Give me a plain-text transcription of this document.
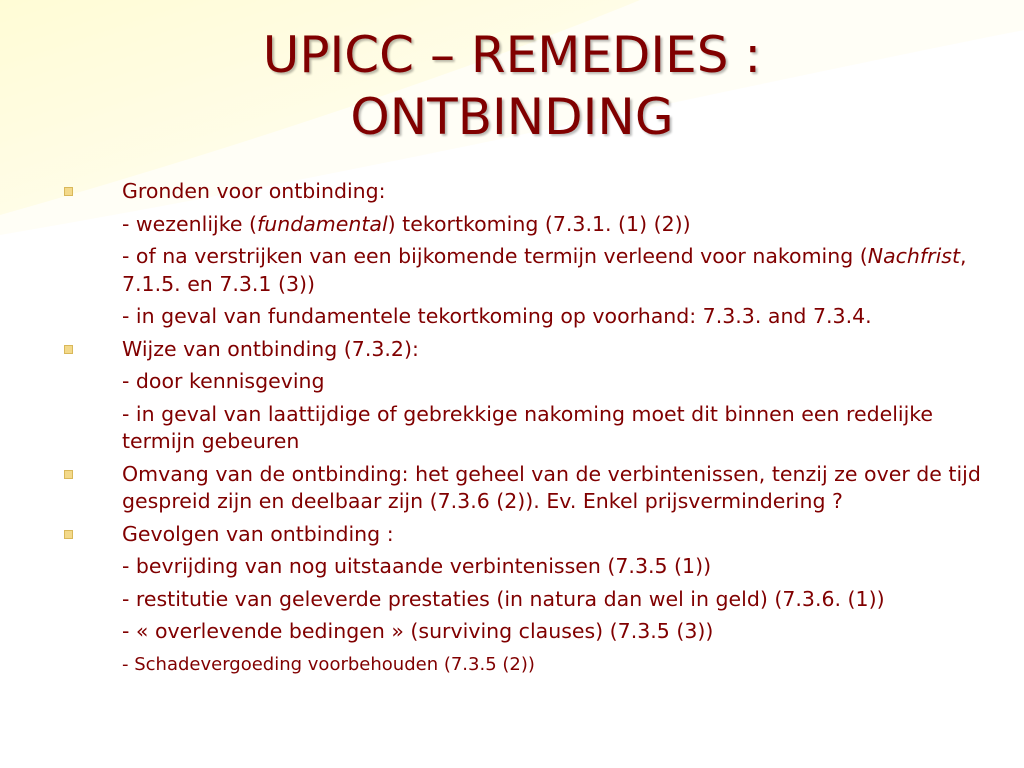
UPICC – REMEDIES :
ONTBINDING

Gronden voor ontbinding:

- wezenlijke (fundamental) tekortkoming (7.3.1. (1) (2))

- of na verstrijken van een bijkomende termijn verleend voor nakoming (Nachfrist, 7.1.5. en 7.3.1 (3))

- in geval van fundamentele tekortkoming op voorhand: 7.3.3. and 7.3.4.

Wijze van ontbinding (7.3.2):

- door kennisgeving

- in geval van laattijdige of gebrekkige nakoming moet dit binnen een redelijke termijn gebeuren

Omvang van de ontbinding: het geheel van de verbintenissen, tenzij ze over de tijd gespreid zijn en deelbaar zijn (7.3.6 (2)). Ev. Enkel prijsvermindering ?

Gevolgen van ontbinding :

- bevrijding van nog uitstaande verbintenissen (7.3.5 (1))

- restitutie van geleverde prestaties (in natura dan wel in geld) (7.3.6. (1))

- « overlevende bedingen » (surviving clauses) (7.3.5 (3))

- Schadevergoeding voorbehouden (7.3.5 (2))
